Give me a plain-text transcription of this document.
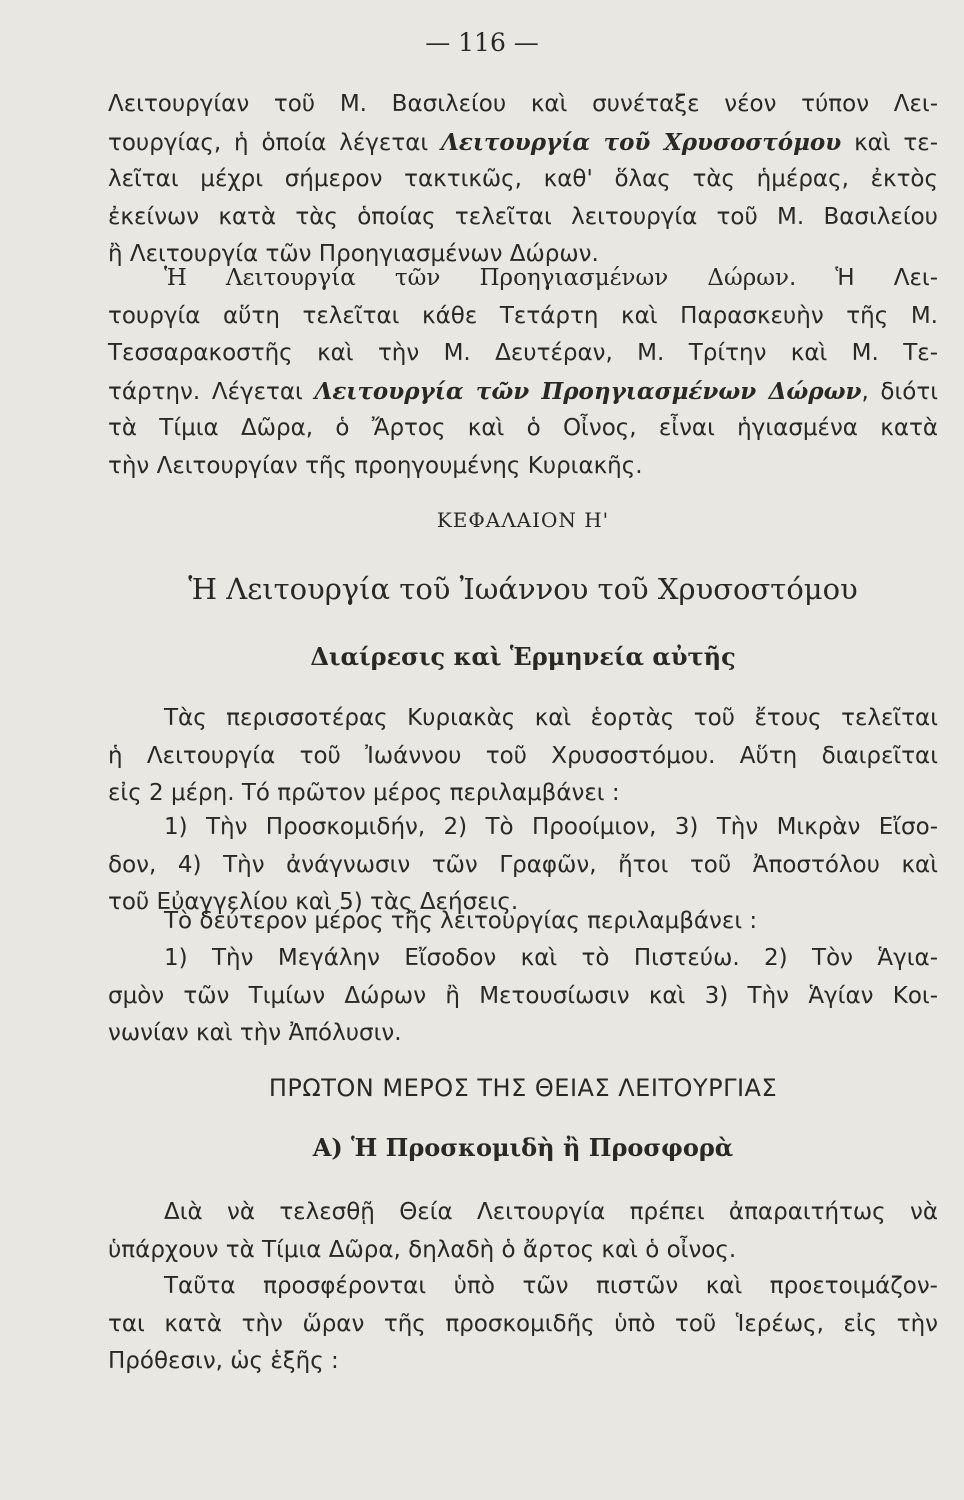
— 116 —
Λειτουργίαν τοῦ Μ. Βασιλείου καὶ συνέταξε νέον τύπον Λει-
τουργίας, ἡ ὁποία λέγεται Λειτουργία τοῦ Χρυσοστόμου καὶ τε-
λεῖται μέχρι σήμερον τακτικῶς, καθ' ὅλας τὰς ἡμέρας, ἐκτὸς
ἐκείνων κατὰ τὰς ὁποίας τελεῖται λειτουργία τοῦ Μ. Βασιλείου
ἢ Λειτουργία τῶν Προηγιασμένων Δώρων.
Ἡ Λειτουργία τῶν Προηγιασμένων Δώρων. Ἡ Λει-
τουργία αὕτη τελεῖται κάθε Τετάρτη καὶ Παρασκευὴν τῆς Μ.
Τεσσαρακοστῆς καὶ τὴν Μ. Δευτέραν, Μ. Τρίτην καὶ Μ. Τε-
τάρτην. Λέγεται Λειτουργία τῶν Προηγιασμένων Δώρων, διότι
τὰ Τίμια Δῶρα, ὁ Ἄρτος καὶ ὁ Οἶνος, εἶναι ἡγιασμένα κατὰ
τὴν Λειτουργίαν τῆς προηγουμένης Κυριακῆς.
ΚΕΦΑΛΑΙΟΝ Η'
Ἡ Λειτουργία τοῦ Ἰωάννου τοῦ Χρυσοστόμου
Διαίρεσις καὶ Ἑρμηνεία αὐτῆς
Τὰς περισσοτέρας Κυριακὰς καὶ ἑορτὰς τοῦ ἔτους τελεῖται
ἡ Λειτουργία τοῦ Ἰωάννου τοῦ Χρυσοστόμου. Αὕτη διαιρεῖται
εἰς 2 μέρη. Τό πρῶτον μέρος περιλαμβάνει :
1) Τὴν Προσκομιδήν, 2) Τὸ Προοίμιον, 3) Τὴν Μικρὰν Εἴσο-
δον, 4) Τὴν ἀνάγνωσιν τῶν Γραφῶν, ἤτοι τοῦ Ἀποστόλου καὶ
τοῦ Εὐαγγελίου καὶ 5) τὰς Δεήσεις.
Τὸ δεύτερον μέρος τῆς λειτουργίας περιλαμβάνει :
1) Τὴν Μεγάλην Εἴσοδον καὶ τὸ Πιστεύω. 2) Τὸν Ἁγια-
σμὸν τῶν Τιμίων Δώρων ἢ Μετουσίωσιν καὶ 3) Τὴν Ἁγίαν Κοι-
νωνίαν καὶ τὴν Ἀπόλυσιν.
ΠΡΩΤΟΝ ΜΕΡΟΣ ΤΗΣ ΘΕΙΑΣ ΛΕΙΤΟΥΡΓΙΑΣ
Α) Ἡ Προσκομιδὴ ἢ Προσφορὰ
Διὰ νὰ τελεσθῇ Θεία Λειτουργία πρέπει ἀπαραιτήτως νὰ
ὑπάρχουν τὰ Τίμια Δῶρα, δηλαδὴ ὁ ἄρτος καὶ ὁ οἶνος.
Ταῦτα προσφέρονται ὑπὸ τῶν πιστῶν καὶ προετοιμάζον-
ται κατὰ τὴν ὥραν τῆς προσκομιδῆς ὑπὸ τοῦ Ἱερέως, εἰς τὴν
Πρόθεσιν, ὡς ἑξῆς :
